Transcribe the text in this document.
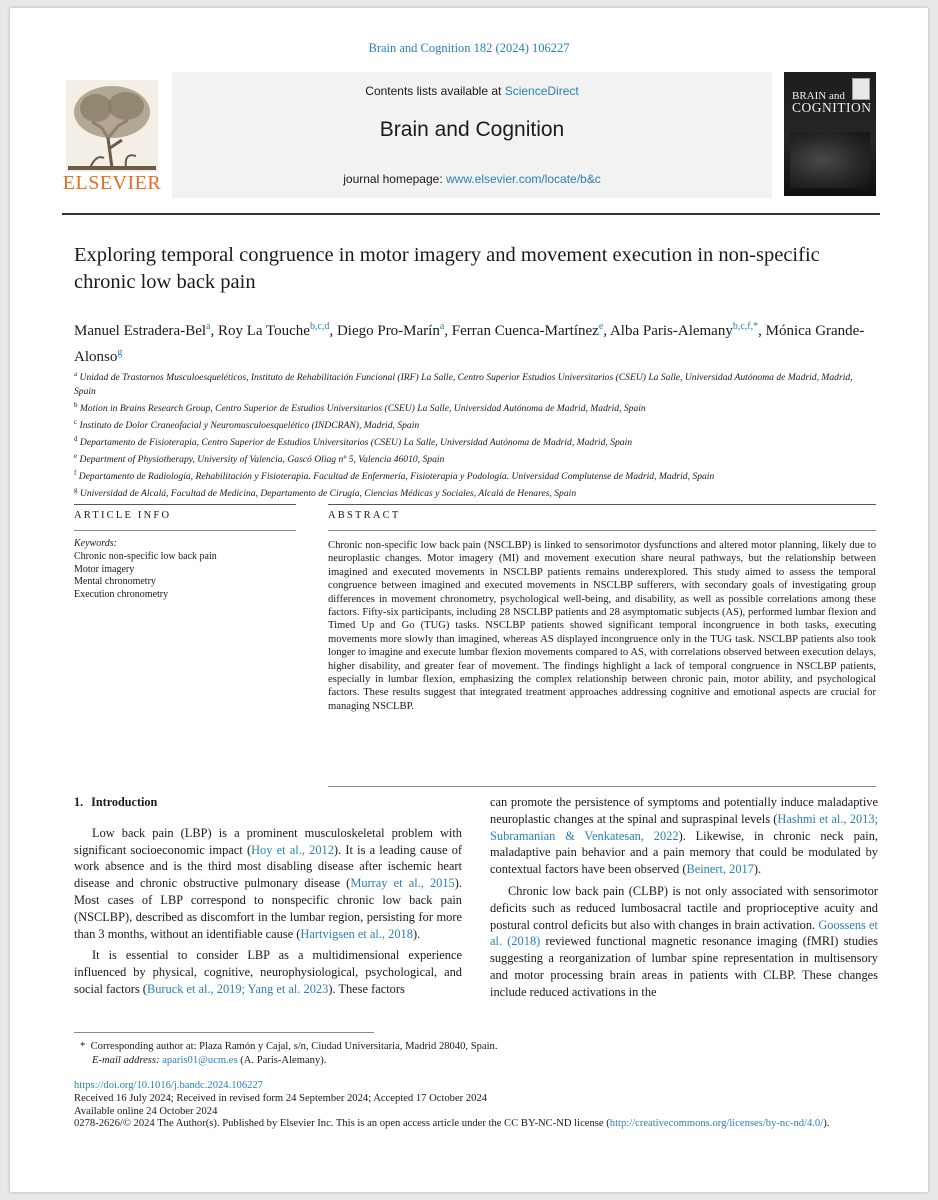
Brain and Cognition 182 (2024) 106227
ELSEVIER
Contents lists available at ScienceDirect
Brain and Cognition
journal homepage: www.elsevier.com/locate/b&c
BRAIN and
COGNITION
Exploring temporal congruence in motor imagery and movement execution in non-specific chronic low back pain
Manuel Estradera-Bel$^a$, Roy La Touche$^{b,c,d}$, Diego Pro-Marín$^a$, Ferran Cuenca-Martínez$^e$, Alba Paris-Alemany$^{b,c,f,*}$, Mónica Grande-Alonso$^g$
$^a$ Unidad de Trastornos Musculoesqueléticos, Instituto de Rehabilitación Funcional (IRF) La Salle, Centro Superior Estudios Universitarios (CSEU) La Salle, Universidad Autónoma de Madrid, Madrid, Spain
$^b$ Motion in Brains Research Group, Centro Superior de Estudios Universitarios (CSEU) La Salle, Universidad Autónoma de Madrid, Madrid, Spain
$^c$ Instituto de Dolor Craneofacial y Neuromusculoesquelético (INDCRAN), Madrid, Spain
$^d$ Departamento de Fisioterapia, Centro Superior de Estudios Universitarios (CSEU) La Salle, Universidad Autónoma de Madrid, Madrid, Spain
$^e$ Department of Physiotherapy, University of Valencia, Gascó Oliag nº 5, Valencia 46010, Spain
$^f$ Departamento de Radiología, Rehabilitación y Fisioterapia. Facultad de Enfermería, Fisioterapia y Podología. Universidad Complutense de Madrid, Madrid, Spain
$^g$ Universidad de Alcalá, Facultad de Medicina, Departamento de Cirugía, Ciencias Médicas y Sociales, Alcalá de Henares, Spain
ARTICLE INFO	ABSTRACT
Keywords:
Chronic non-specific low back pain
Motor imagery
Mental chronometry
Execution chronometry
Chronic non-specific low back pain (NSCLBP) is linked to sensorimotor dysfunctions and altered motor planning, likely due to neuroplastic changes. Motor imagery (MI) and movement execution share neural pathways, but the relationship between imagined and executed movements in NSCLBP patients remains underexplored. This study aimed to assess the temporal congruence between imagined and executed movements in NSCLBP sufferers, with secondary goals of investigating group differences in movement chronometry, psychological well-being, and disability, as well as possible correlations among these factors. Fifty-six participants, including 28 NSCLBP patients and 28 asymptomatic subjects (AS), performed lumbar flexion and Timed Up and Go (TUG) tasks. NSCLBP patients showed significant temporal incongruence in both tasks, executing movements more slowly than imagined, whereas AS displayed incongruence only in the TUG task. NSCLBP patients also took longer to imagine and execute lumbar flexion movements compared to AS, with correlations observed between execution delays, higher disability, and greater fear of movement. The findings highlight a lack of temporal congruence in NSCLBP patients, especially in lumbar flexion, emphasizing the complex relationship between chronic pain, motor ability, and psychological factors. These results suggest that integrated treatment approaches addressing cognitive and emotional aspects are crucial for managing NSCLBP.
1. Introduction

Low back pain (LBP) is a prominent musculoskeletal problem with significant socioeconomic impact (Hoy et al., 2012). It is a leading cause of work absence and is the third most disabling disease after ischemic heart disease and chronic obstructive pulmonary disease (Murray et al., 2015). Most cases of LBP correspond to nonspecific chronic low back pain (NSCLBP), described as discomfort in the lumbar region, persisting for more than 3 months, without an identifiable cause (Hartvigsen et al., 2018).

It is essential to consider LBP as a multidimensional experience influenced by physical, cognitive, neurophysiological, psychological, and social factors (Buruck et al., 2019; Yang et al. 2023). These factors

can promote the persistence of symptoms and potentially induce maladaptive neuroplastic changes at the spinal and supraspinal levels (Hashmi et al., 2013; Subramanian & Venkatesan, 2022). Likewise, in chronic neck pain, maladaptive pain behavior and a pain memory that could be modulated by contextual factors have been observed (Beinert, 2017).

Chronic low back pain (CLBP) is not only associated with sensorimotor deficits such as reduced lumbosacral tactile and proprioceptive acuity and postural control deficits but also with changes in brain activation. Goossens et al. (2018) reviewed functional magnetic resonance imaging (fMRI) studies suggesting a reorganization of lumbar spine representation in multisensory and motor processing brain areas in patients with CLBP. These changes include reduced activations in the

*  Corresponding author at: Plaza Ramón y Cajal, s/n, Ciudad Universitaria, Madrid 28040, Spain.
E-mail address: aparis01@ucm.es (A. Paris-Alemany).
https://doi.org/10.1016/j.bandc.2024.106227
Received 16 July 2024; Received in revised form 24 September 2024; Accepted 17 October 2024
Available online 24 October 2024
0278-2626/© 2024 The Author(s). Published by Elsevier Inc. This is an open access article under the CC BY-NC-ND license (http://creativecommons.org/licenses/by-nc-nd/4.0/).
